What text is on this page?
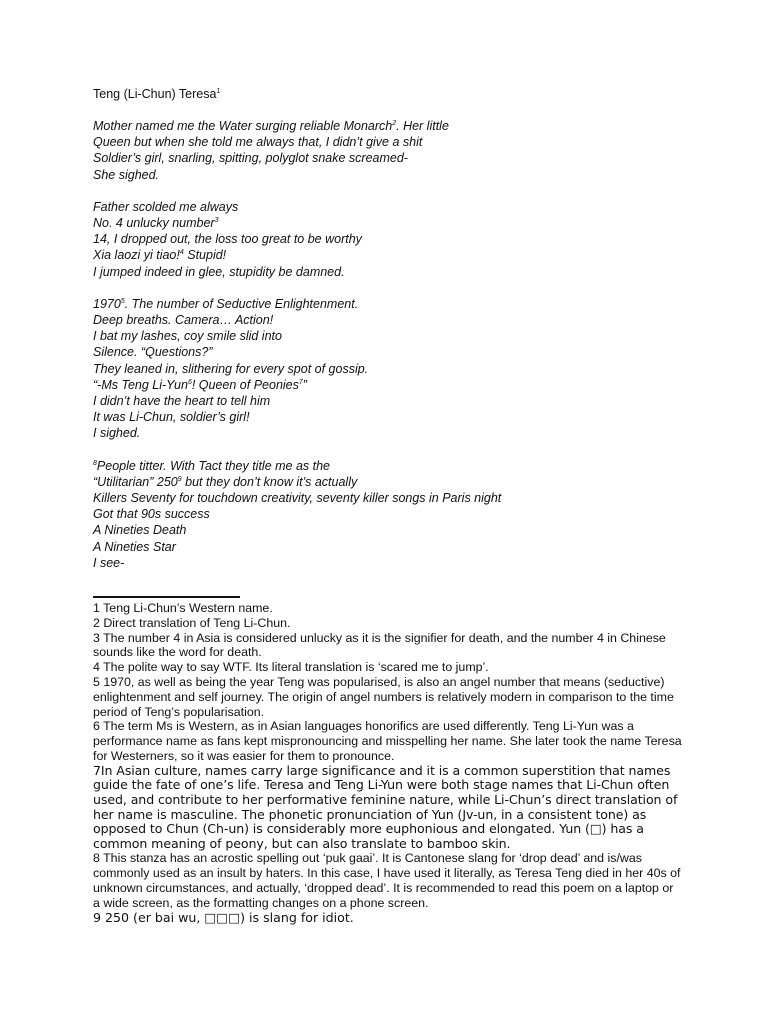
Teng (Li-Chun) Teresa$^1$

Mother named me the Water surging reliable Monarch$^2$. Her little
Queen but when she told me always that, I didn’t give a shit
Soldier’s girl, snarling, spitting, polyglot snake screamed-
She sighed.
Father scolded me always
No. 4 unlucky number$^3$
14, I dropped out, the loss too great to be worthy
Xia laozi yi tiao!$^4$ Stupid!
I jumped indeed in glee, stupidity be damned.
1970$^5$. The number of Seductive Enlightenment.
Deep breaths. Camera… Action!
I bat my lashes, coy smile slid into
Silence. “Questions?”
They leaned in, slithering for every spot of gossip.
“-Ms Teng Li-Yun$^6$! Queen of Peonies$^7$”
I didn’t have the heart to tell him
It was Li-Chun, soldier’s girl!
I sighed.
$^8$People titter. With Tact they title me as the
“Utilitarian” $250^9$ but they don’t know it’s actually
Killers Seventy for touchdown creativity, seventy killer songs in Paris night
Got that 90s success
A Nineties Death
A Nineties Star
I see-

1 Teng Li-Chun’s Western name.

2 Direct translation of Teng Li-Chun.

3 The number 4 in Asia is considered unlucky as it is the signifier for death, and the number 4 in Chinese sounds like the word for death.

4 The polite way to say WTF. Its literal translation is ‘scared me to jump’.

5 1970, as well as being the year Teng was popularised, is also an angel number that means (seductive) enlightenment and self journey. The origin of angel numbers is relatively modern in comparison to the time period of Teng’s popularisation.

6 The term Ms is Western, as in Asian languages honorifics are used differently. Teng Li-Yun was a performance name as fans kept mispronouncing and misspelling her name. She later took the name Teresa for Westerners, so it was easier for them to pronounce.

7In Asian culture, names carry large significance and it is a common superstition that names guide the fate of one’s life. Teresa and Teng Li-Yun were both stage names that Li-Chun often used, and contribute to her performative feminine nature, while Li-Chun’s direct translation of her name is masculine. The phonetic pronunciation of Yun (Jv-un, in a consistent tone) as opposed to Chun (Ch-un) is considerably more euphonious and elongated. Yun (□) has a common meaning of peony, but can also translate to bamboo skin.

8 This stanza has an acrostic spelling out ‘puk gaai’. It is Cantonese slang for ‘drop dead’ and is/was commonly used as an insult by haters. In this case, I have used it literally, as Teresa Teng died in her 40s of unknown circumstances, and actually, ‘dropped dead’. It is recommended to read this poem on a laptop or a wide screen, as the formatting changes on a phone screen.

9 250 (er bai wu, □□□) is slang for idiot.
